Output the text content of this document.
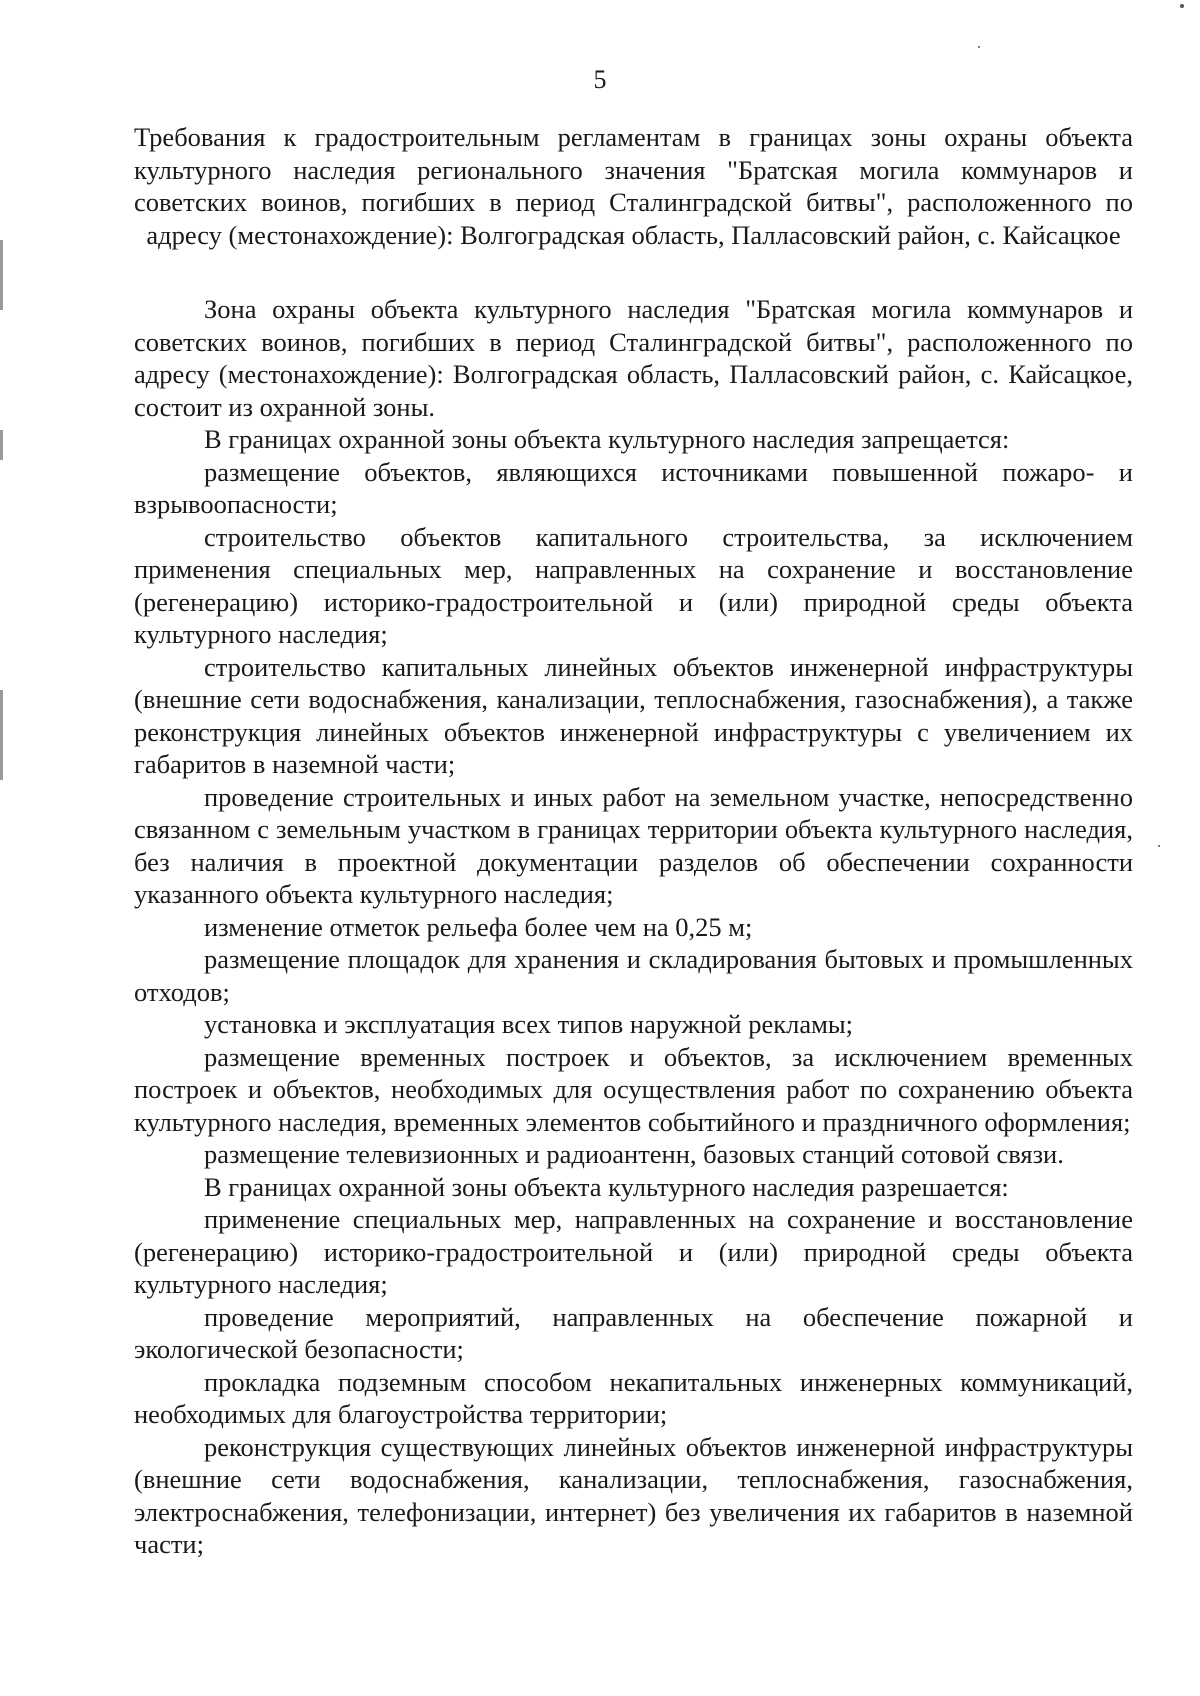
5

Требования к градостроительным регламентам в границах зоны охраны объекта культурного наследия регионального значения "Братская могила коммунаров и советских воинов, погибших в период Сталинградской битвы", расположенного по адресу (местонахождение): Волгоградская область, Палласовский район, с. Кайсацкое

Зона охраны объекта культурного наследия "Братская могила коммунаров и советских воинов, погибших в период Сталинградской битвы", расположенного по адресу (местонахождение): Волгоградская область, Палласовский район, с. Кайсацкое, состоит из охранной зоны.

В границах охранной зоны объекта культурного наследия запрещается:

размещение объектов, являющихся источниками повышенной пожаро- и взрывоопасности;

строительство объектов капитального строительства, за исключением применения специальных мер, направленных на сохранение и восстановление (регенерацию) историко-градостроительной и (или) природной среды объекта культурного наследия;

строительство капитальных линейных объектов инженерной инфраструктуры (внешние сети водоснабжения, канализации, теплоснабжения, газоснабжения), а также реконструкция линейных объектов инженерной инфраструктуры с увеличением их габаритов в наземной части;

проведение строительных и иных работ на земельном участке, непосредственно связанном с земельным участком в границах территории объекта культурного наследия, без наличия в проектной документации разделов об обеспечении сохранности указанного объекта культурного наследия;

изменение отметок рельефа более чем на 0,25 м;

размещение площадок для хранения и складирования бытовых и промышленных отходов;

установка и эксплуатация всех типов наружной рекламы;

размещение временных построек и объектов, за исключением временных построек и объектов, необходимых для осуществления работ по сохранению объекта культурного наследия, временных элементов событийного и праздничного оформления;

размещение телевизионных и радиоантенн, базовых станций сотовой связи.

В границах охранной зоны объекта культурного наследия разрешается:

применение специальных мер, направленных на сохранение и восстановление (регенерацию) историко-градостроительной и (или) природной среды объекта культурного наследия;

проведение мероприятий, направленных на обеспечение пожарной и экологической безопасности;

прокладка подземным способом некапитальных инженерных коммуникаций, необходимых для благоустройства территории;

реконструкция существующих линейных объектов инженерной инфраструктуры (внешние сети водоснабжения, канализации, теплоснабжения, газоснабжения, электроснабжения, телефонизации, интернет) без увеличения их габаритов в наземной части;
